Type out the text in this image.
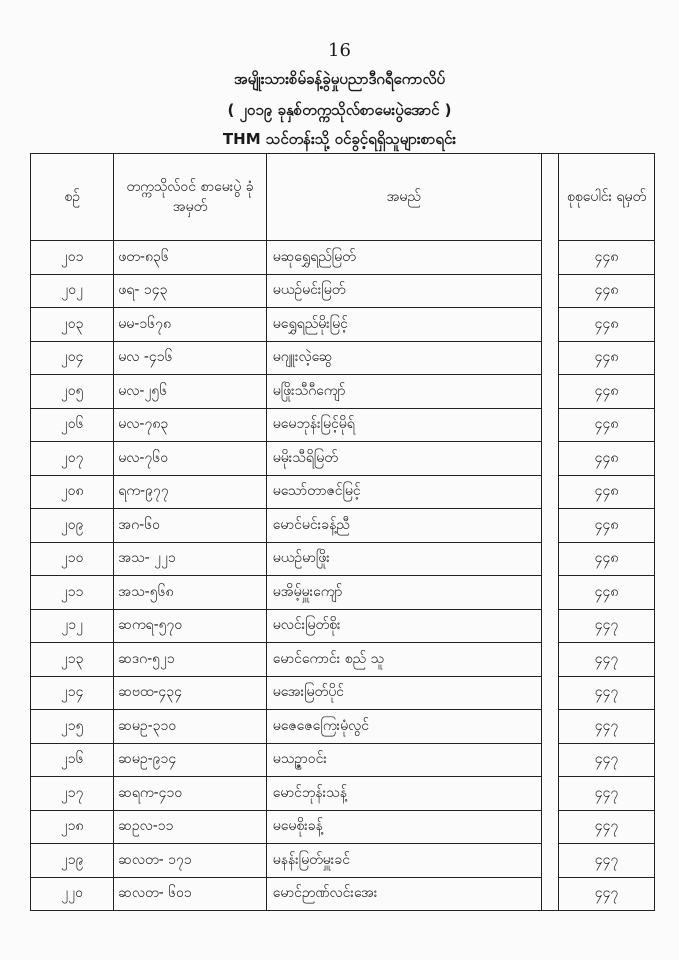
16
အမျိုးသားစိမ်ခန့်ခွဲမှုပညာဒီဂရီကောလိပ်
( ၂၀၁၉ ခုနှစ်တက္ကသိုလ်စာမေးပွဲအောင် )
THM သင်တန်းသို့ ဝင်ခွင့်ရရှိသူများစာရင်း
စဉ်	တက္ကသိုလ်ဝင် စာမေးပွဲ ခုံအမှတ်	အမည်		စုစုပေါင်း ရမှတ်
၂၀၁	ဖတ-၈၃၆	မဆုရွှေရည်မြတ်		၄၄၈
၂၀၂	ဖရ- ၁၄၃	မယဉ်မင်းမြတ်		၄၄၈
၂၀၃	မမ-၁၆၇၈	မရွှေရည်မိုးမြင့်		၄၄၈
၂၀၄	မလ -၄၁၆	မဂျူးလဲ့ဆွေ		၄၄၈
၂၀၅	မလ-၂၅၆	မဖြိုးသီဂီကျော်		၄၄၈
၂၀၆	မလ-၇၈၃	မမေဘုန်းမြင့်မိုရ်		၄၄၈
၂၀၇	မလ-၇၆၀	မမိုးသီရိမြတ်		၄၄၈
၂၀၈	ရက-၉၇၇	မသော်တာဇင်မြင့်		၄၄၈
၂၀၉	အဂ-၆၀	မောင်မင်းခန့်ညီ		၄၄၈
၂၁၀	အသ- ၂၂၁	မယဉ်မာဖြိုး		၄၄၈
၂၁၁	အသ-၅၆၈	မအိမ့်မှူးကျော်		၄၄၈
၂၁၂	ဆကရ-၅၇၀	မလင်းမြတ်စိုး		၄၄၇
၂၁၃	ဆဒဂ-၅၂၁	မောင်ကောင်း စည် သူ		၄၄၇
၂၁၄	ဆဗထ-၄၃၄	မအေးမြတ်ပိုင်		၄၄၇
၂၁၅	ဆမဥ-၃၁၀	မဇေဇေကြေးမုံလွင်		၄၄၇
၂၁၆	ဆမဥ-၉၁၄	မသဥ္ဇာဝင်း		၄၄၇
၂၁၇	ဆရက-၄၁၀	မောင်ဘုန်းသန့်		၄၄၇
၂၁၈	ဆဥလ-၁၁	မမေစိုးခန့်		၄၄၇
၂၁၉	ဆလတ- ၁၇၁	မနန်းမြတ်မှူးခင်		၄၄၇
၂၂၀	ဆလတ- ၆၀၁	မောင်ဉာဏ်လင်းအေး		၄၄၇
